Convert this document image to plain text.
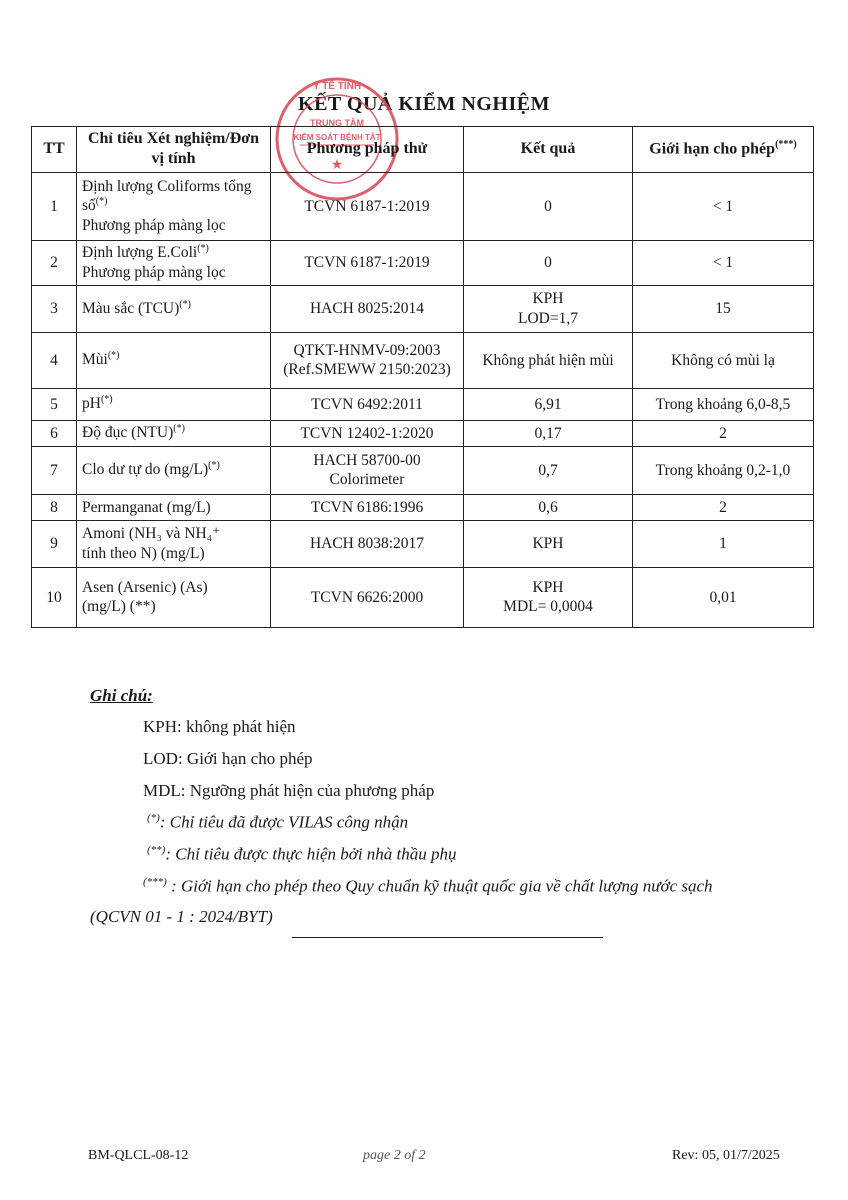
KẾT QUẢ KIỂM NGHIỆM
TRUNG TÂM
KIỂM SOÁT BỆNH TẬT
★
Y TẾ TỈNH
TT	Chỉ tiêu Xét nghiệm/Đơn vị tính	Phương pháp thử	Kết quả	Giới hạn cho phép(***)
1	Định lượng Coliforms tổng số(*)
Phương pháp màng lọc	TCVN 6187-1:2019	0	< 1
2	Định lượng E.Coli(*)
Phương pháp màng lọc	TCVN 6187-1:2019	0	< 1
3	Màu sắc (TCU)(*)	HACH 8025:2014	KPH
LOD=1,7	15
4	Mùi(*)	QTKT-HNMV-09:2003
(Ref.SMEWW 2150:2023)	Không phát hiện mùi	Không có mùi lạ
5	pH(*)	TCVN 6492:2011	6,91	Trong khoảng 6,0-8,5
6	Độ đục (NTU)(*)	TCVN 12402-1:2020	0,17	2
7	Clo dư tự do (mg/L)(*)	HACH 58700-00
Colorimeter	0,7	Trong khoảng 0,2-1,0
8	Permanganat (mg/L)	TCVN 6186:1996	0,6	2
9	Amoni (NH₃ và NH₄⁺
tính theo N) (mg/L)	HACH 8038:2017	KPH	1
10	Asen (Arsenic) (As)
(mg/L) (**)	TCVN 6626:2000	KPH
MDL= 0,0004	0,01
Ghi chú:
KPH: không phát hiện
LOD: Giới hạn cho phép
MDL: Ngưỡng phát hiện của phương pháp
(*): Chỉ tiêu đã được VILAS công nhận
(**): Chỉ tiêu được thực hiện bởi nhà thầu phụ
(***) : Giới hạn cho phép theo Quy chuẩn kỹ thuật quốc gia về chất lượng nước sạch
(QCVN 01 - 1 : 2024/BYT)
BM-QLCL-08-12	page 2 of 2	Rev: 05, 01/7/2025
